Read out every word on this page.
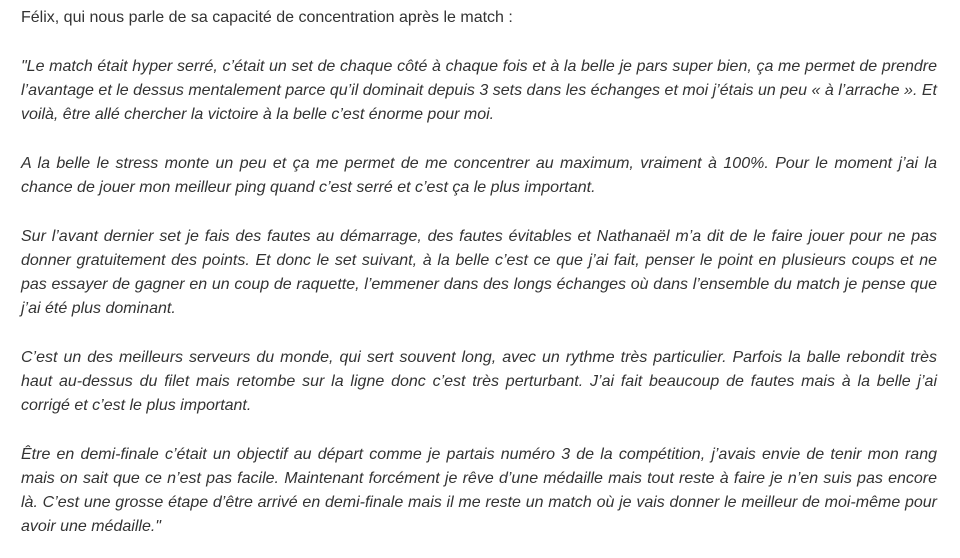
Félix, qui nous parle de sa capacité de concentration après le match :

"Le match était hyper serré, c’était un set de chaque côté à chaque fois et à la belle je pars super bien, ça me permet de prendre l’avantage et le dessus mentalement parce qu’il dominait depuis 3 sets dans les échanges et moi j’étais un peu « à l’arrache ». Et voilà, être allé chercher la victoire à la belle c’est énorme pour moi.

A la belle le stress monte un peu et ça me permet de me concentrer au maximum, vraiment à 100%. Pour le moment j’ai la chance de jouer mon meilleur ping quand c’est serré et c’est ça le plus important.

Sur l’avant dernier set je fais des fautes au démarrage, des fautes évitables et Nathanaël m’a dit de le faire jouer pour ne pas donner gratuitement des points. Et donc le set suivant, à la belle c’est ce que j’ai fait, penser le point en plusieurs coups et ne pas essayer de gagner en un coup de raquette, l’emmener dans des longs échanges où dans l’ensemble du match je pense que j’ai été plus dominant.

C’est un des meilleurs serveurs du monde, qui sert souvent long, avec un rythme très particulier. Parfois la balle rebondit très haut au-dessus du filet mais retombe sur la ligne donc c’est très perturbant. J’ai fait beaucoup de fautes mais à la belle j’ai corrigé et c’est le plus important.

Être en demi-finale c’était un objectif au départ comme je partais numéro 3 de la compétition, j’avais envie de tenir mon rang mais on sait que ce n’est pas facile. Maintenant forcément je rêve d’une médaille mais tout reste à faire je n’en suis pas encore là. C’est une grosse étape d’être arrivé en demi-finale mais il me reste un match où je vais donner le meilleur de moi-même pour avoir une médaille."
